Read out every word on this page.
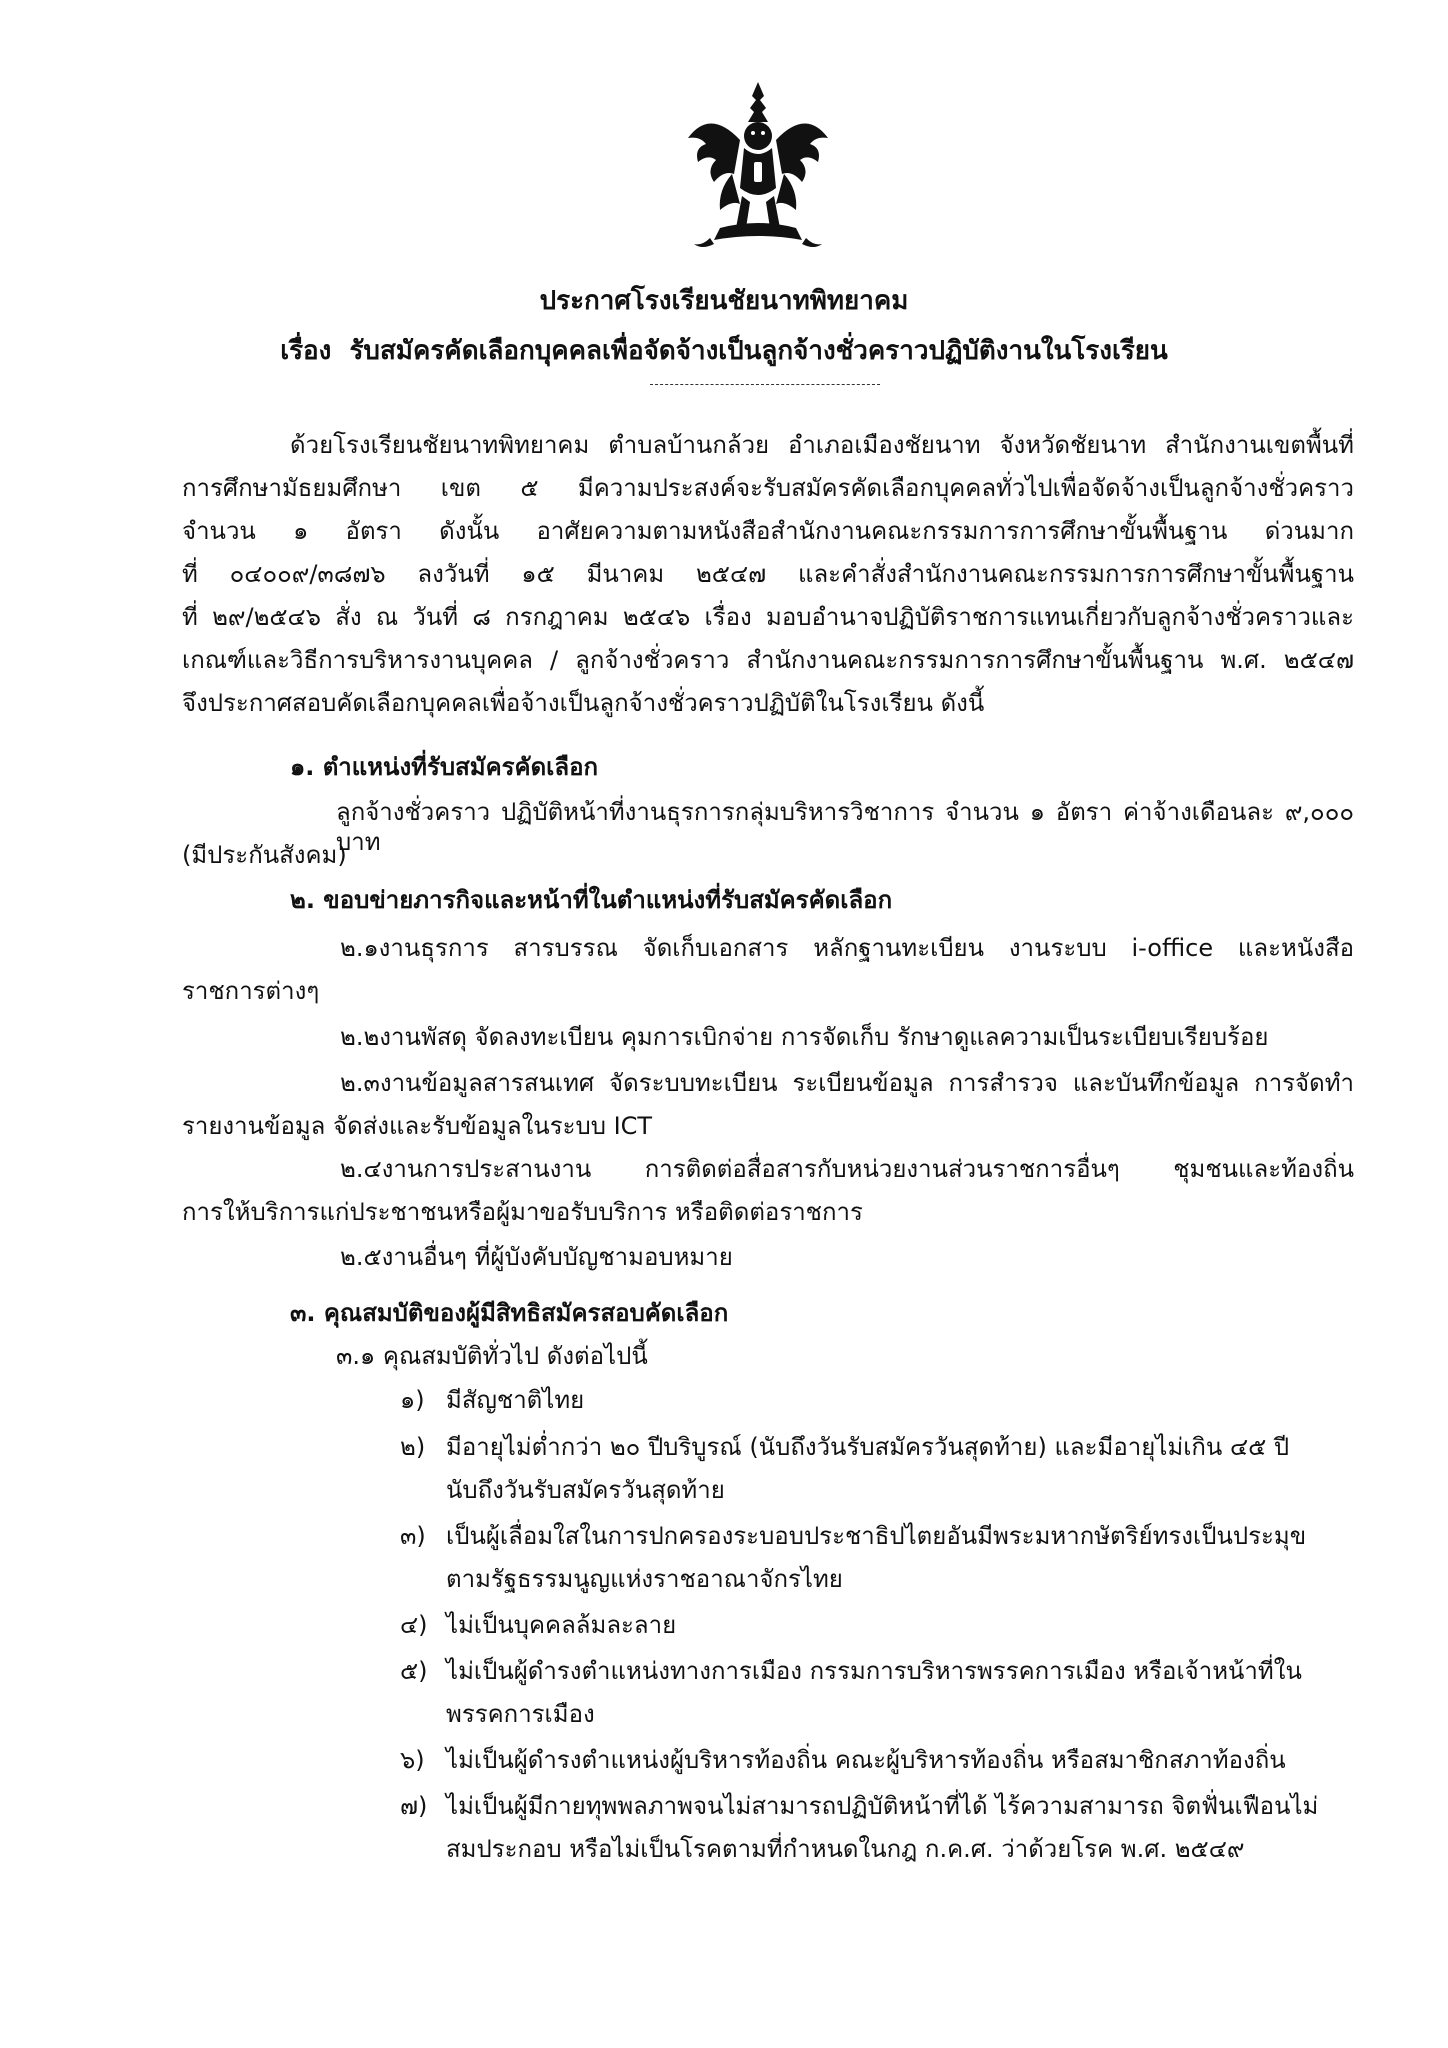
ประกาศโรงเรียนชัยนาทพิทยาคม
เรื่อง รับสมัครคัดเลือกบุคคลเพื่อจัดจ้างเป็นลูกจ้างชั่วคราวปฏิบัติงานในโรงเรียน
ด้วยโรงเรียนชัยนาทพิทยาคม ตำบลบ้านกล้วย อำเภอเมืองชัยนาท จังหวัดชัยนาท สำนักงานเขตพื้นที่
การศึกษามัธยมศึกษา เขต ๕ มีความประสงค์จะรับสมัครคัดเลือกบุคคลทั่วไปเพื่อจัดจ้างเป็นลูกจ้างชั่วคราว
จำนวน ๑ อัตรา ดังนั้น อาศัยความตามหนังสือสำนักงานคณะกรรมการการศึกษาขั้นพื้นฐาน ด่วนมาก
ที่ ๐๔๐๐๙/๓๘๗๖ ลงวันที่ ๑๕ มีนาคม ๒๕๔๗ และคำสั่งสำนักงานคณะกรรมการการศึกษาขั้นพื้นฐาน
ที่ ๒๙/๒๕๔๖ สั่ง ณ วันที่ ๘ กรกฎาคม ๒๕๔๖ เรื่อง มอบอำนาจปฏิบัติราชการแทนเกี่ยวกับลูกจ้างชั่วคราวและ
เกณฑ์และวิธีการบริหารงานบุคคล / ลูกจ้างชั่วคราว สำนักงานคณะกรรมการการศึกษาขั้นพื้นฐาน พ.ศ. ๒๕๔๗
จึงประกาศสอบคัดเลือกบุคคลเพื่อจ้างเป็นลูกจ้างชั่วคราวปฏิบัติในโรงเรียน ดังนี้
๑. ตำแหน่งที่รับสมัครคัดเลือก
ลูกจ้างชั่วคราว ปฏิบัติหน้าที่งานธุรการกลุ่มบริหารวิชาการ จำนวน ๑ อัตรา ค่าจ้างเดือนละ ๙,๐๐๐ บาท
(มีประกันสังคม)
๒. ขอบข่ายภารกิจและหน้าที่ในตำแหน่งที่รับสมัครคัดเลือก
๒.๑งานธุรการ สารบรรณ จัดเก็บเอกสาร หลักฐานทะเบียน งานระบบ i-office และหนังสือ
ราชการต่างๆ
๒.๒งานพัสดุ จัดลงทะเบียน คุมการเบิกจ่าย การจัดเก็บ รักษาดูแลความเป็นระเบียบเรียบร้อย
๒.๓งานข้อมูลสารสนเทศ จัดระบบทะเบียน ระเบียนข้อมูล การสำรวจ และบันทึกข้อมูล การจัดทำ
รายงานข้อมูล จัดส่งและรับข้อมูลในระบบ ICT
๒.๔งานการประสานงาน การติดต่อสื่อสารกับหน่วยงานส่วนราชการอื่นๆ ชุมชนและท้องถิ่น
การให้บริการแก่ประชาชนหรือผู้มาขอรับบริการ หรือติดต่อราชการ
๒.๕งานอื่นๆ ที่ผู้บังคับบัญชามอบหมาย
๓. คุณสมบัติของผู้มีสิทธิสมัครสอบคัดเลือก
๓.๑ คุณสมบัติทั่วไป ดังต่อไปนี้
๑) มีสัญชาติไทย
๒) มีอายุไม่ต่ำกว่า ๒๐ ปีบริบูรณ์ (นับถึงวันรับสมัครวันสุดท้าย) และมีอายุไม่เกิน ๔๕ ปี
นับถึงวันรับสมัครวันสุดท้าย
๓) เป็นผู้เลื่อมใสในการปกครองระบอบประชาธิปไตยอันมีพระมหากษัตริย์ทรงเป็นประมุข
ตามรัฐธรรมนูญแห่งราชอาณาจักรไทย
๔) ไม่เป็นบุคคลล้มละลาย
๕) ไม่เป็นผู้ดำรงตำแหน่งทางการเมือง กรรมการบริหารพรรคการเมือง หรือเจ้าหน้าที่ใน
พรรคการเมือง
๖) ไม่เป็นผู้ดำรงตำแหน่งผู้บริหารท้องถิ่น คณะผู้บริหารท้องถิ่น หรือสมาชิกสภาท้องถิ่น
๗) ไม่เป็นผู้มีกายทุพพลภาพจนไม่สามารถปฏิบัติหน้าที่ได้ ไร้ความสามารถ จิตฟั่นเฟือนไม่
สมประกอบ หรือไม่เป็นโรคตามที่กำหนดในกฎ ก.ค.ศ. ว่าด้วยโรค พ.ศ. ๒๕๔๙
